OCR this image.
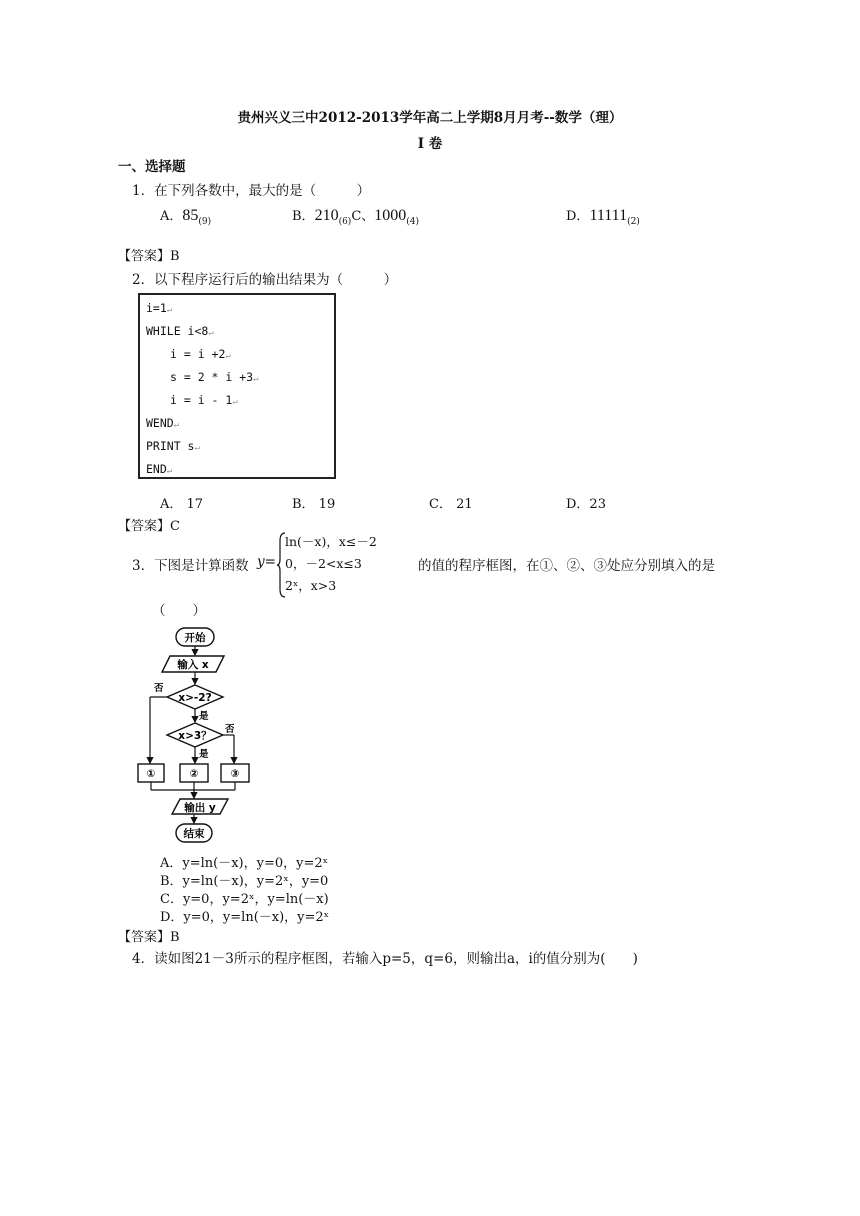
贵州兴义三中2012-2013学年高二上学期8月月考--数学（理）
I 卷
一、选择题
1．在下列各数中，最大的是（　　　）
A．$85_{(9)}$	B．$210_{(6)}C$、$1000_{(4)}$	D．$11111_{(2)}$
【答案】B
2．以下程序运行后的输出结果为（　　　）
i=1↵
WHILE i<8↵
i = i +2↵
s = 2 * i +3↵
i = i - 1↵
WEND↵
PRINT s↵
END↵
A． 17	B． 19	C． 21	D．23
【答案】C
3．下图是计算函数 y=
ln(－x)，x≤－2
0，－2<x≤3
2ˣ，x>3
的值的程序框图，在①、②、③处应分别填入的是
（　　）
开始
输入 x
x>-2?
否
是
x>3？
否
是
①	②	③
输出 y
结束
A．y=ln(－x)，y=0，y=2ˣ
B．y=ln(－x)，y=2ˣ，y=0
C．y=0，y=2ˣ，y=ln(－x)
D．y=0，y=ln(－x)，y=2ˣ
【答案】B
4．读如图21－3所示的程序框图，若输入p=5，q=6，则输出a，i的值分别为(　　)
